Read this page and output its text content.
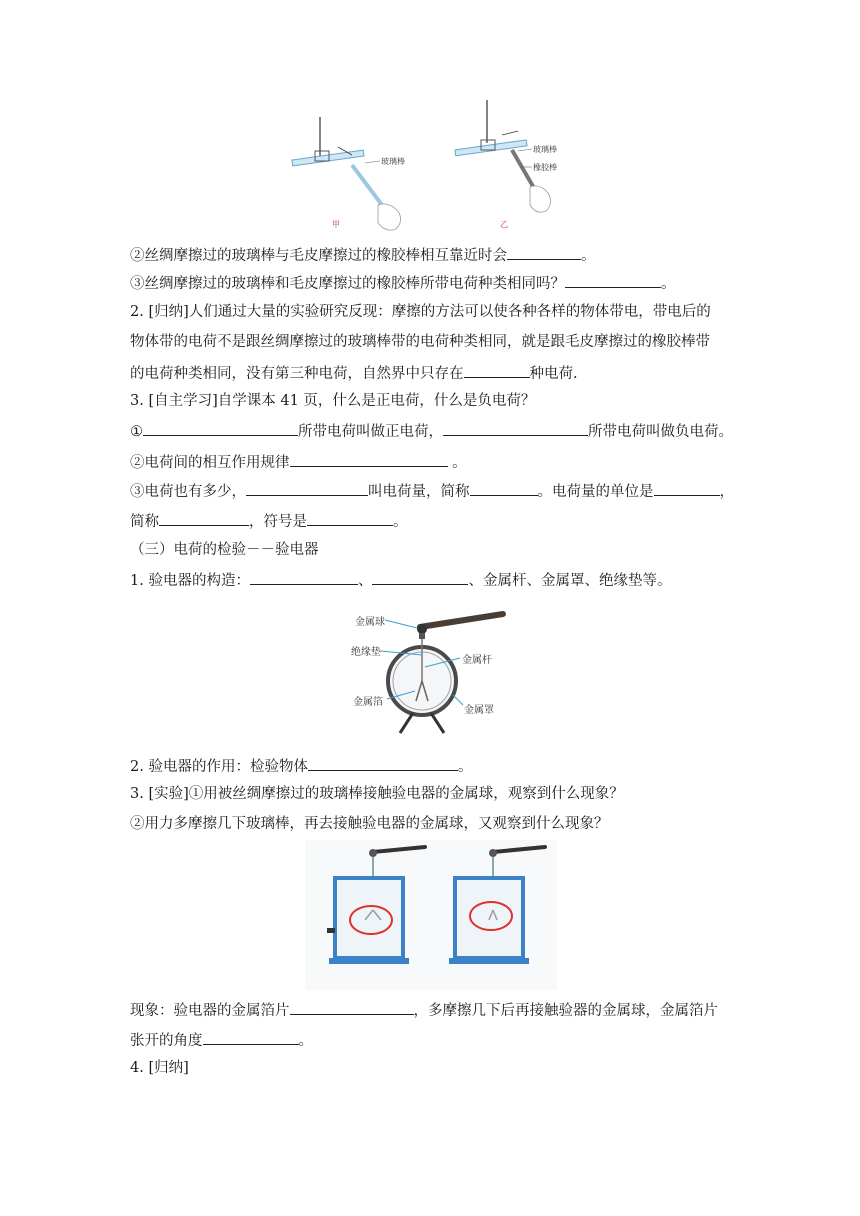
玻璃棒
甲
玻璃棒
橡胶棒
乙
②丝绸摩擦过的玻璃棒与毛皮摩擦过的橡胶棒相互靠近时会	。
③丝绸摩擦过的玻璃棒和毛皮摩擦过的橡胶棒所带电荷种类相同吗？	。
2. [归纳]人们通过大量的实验研究反现：摩擦的方法可以使各种各样的物体带电，带电后的
物体带的电荷不是跟丝绸摩擦过的玻璃棒带的电荷种类相同，就是跟毛皮摩擦过的橡胶棒带
的电荷种类相同，没有第三种电荷，自然界中只存在	种电荷.
3. [自主学习]自学课本 41 页，什么是正电荷，什么是负电荷？
①	所带电荷叫做正电荷，	所带电荷叫做负电荷。
②电荷间的相互作用规律	。
③电荷也有多少，	叫电荷量，简称	。电荷量的单位是	，
简称	，符号是	。
（三）电荷的检验－－验电器
1. 验电器的构造：	、	、金属杆、金属罩、绝缘垫等。
金属球
绝缘垫
金属杆
金属箔
金属罩
2. 验电器的作用：检验物体	。
3. [实验]①用被丝绸摩擦过的玻璃棒接触验电器的金属球，观察到什么现象？
②用力多摩擦几下玻璃棒，再去接触验电器的金属球，又观察到什么现象？
现象：验电器的金属箔片	，多摩擦几下后再接触验器的金属球，金属箔片
张开的角度	。
4. [归纳]
